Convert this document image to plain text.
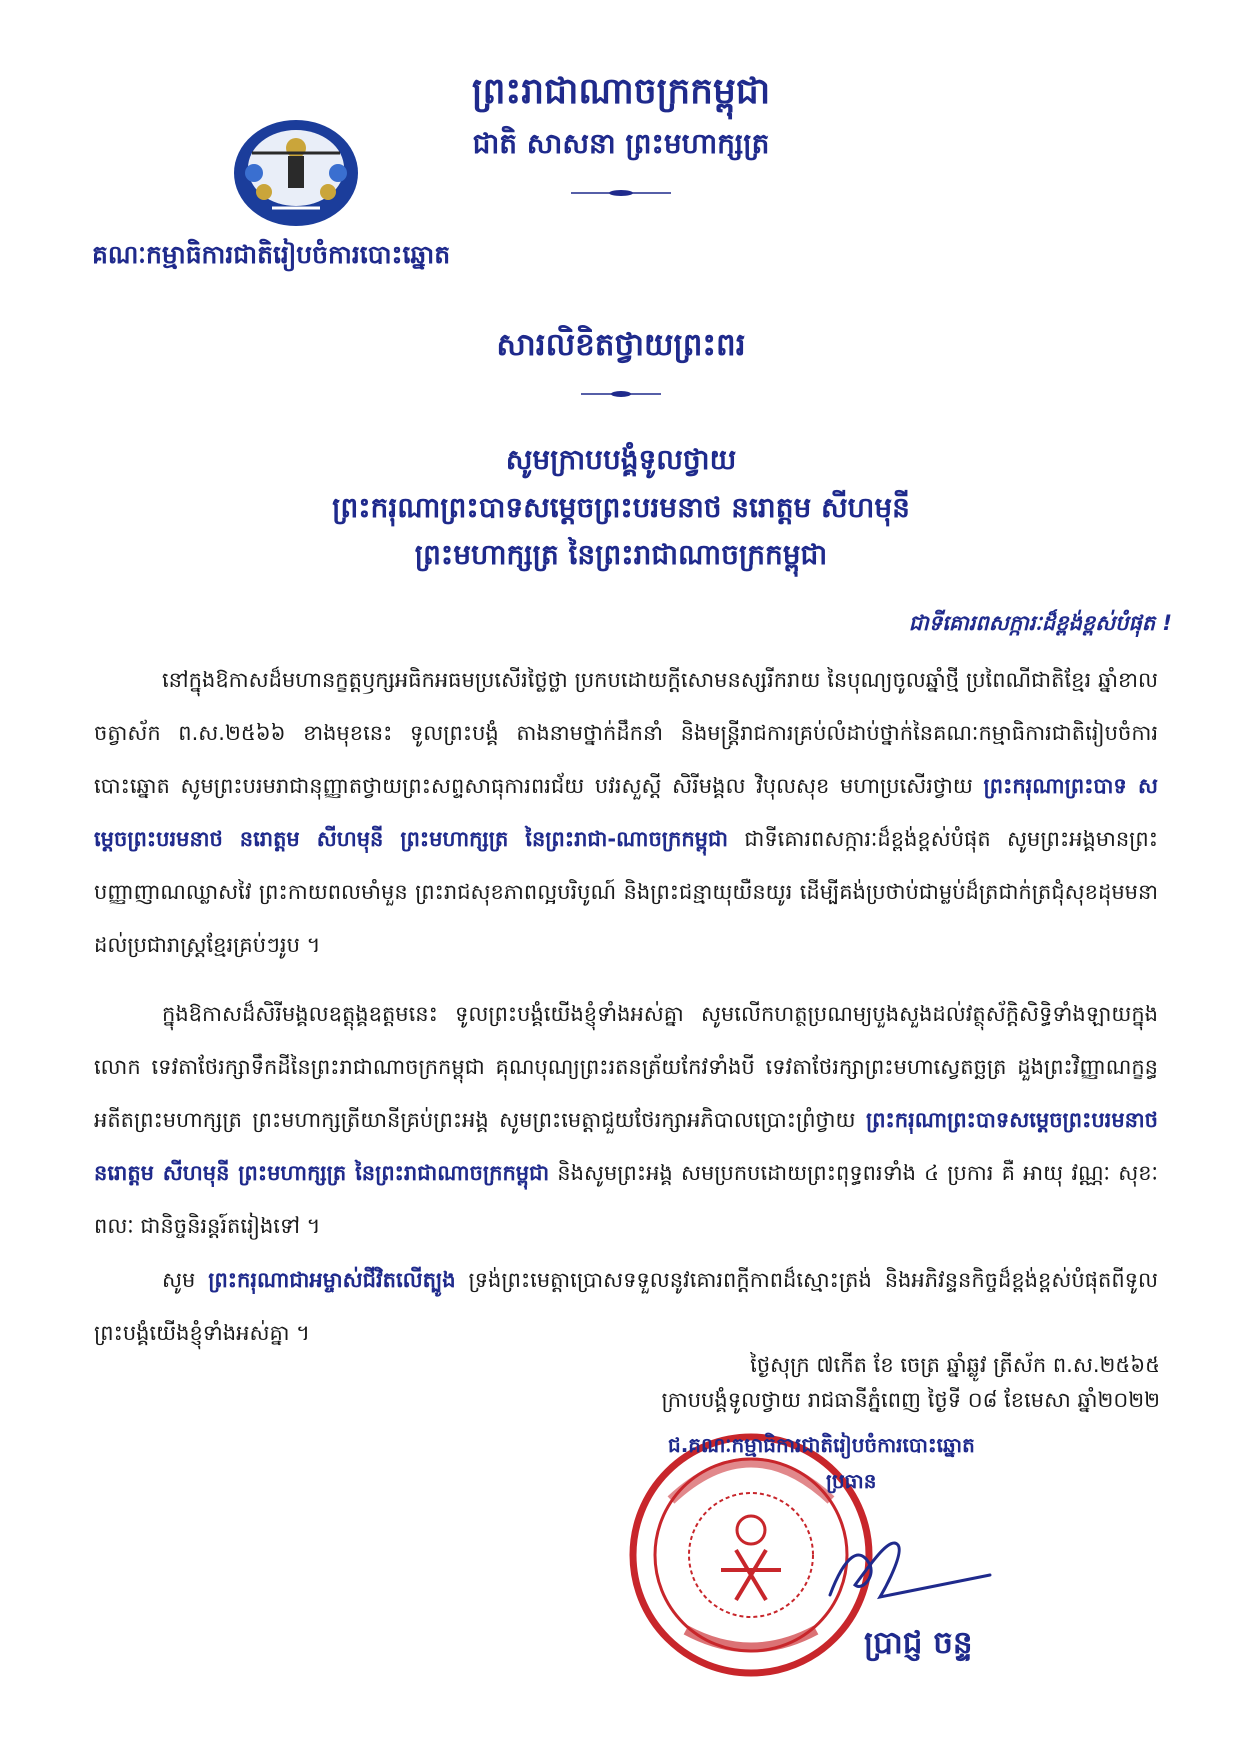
ព្រះរាជាណាចក្រកម្ពុជា
ជាតិ សាសនា ព្រះមហាក្សត្រ
គណៈកម្មាធិការជាតិរៀបចំការបោះឆ្នោត
សារលិខិតថ្វាយព្រះពរ
សូមក្រាបបង្គំទូលថ្វាយ
ព្រះករុណាព្រះបាទសម្តេចព្រះបរមនាថ នរោត្តម សីហមុនី
ព្រះមហាក្សត្រ នៃព្រះរាជាណាចក្រកម្ពុជា
ជាទីគោរពសក្ការៈដ៏ខ្ពង់ខ្ពស់បំផុត !

នៅក្នុងឱកាសដ៏មហានក្ខត្តឫក្សអធិកអធមប្រសើរថ្លៃថ្លា ប្រកបដោយក្តីសោមនស្សរីករាយ នៃបុណ្យចូលឆ្នាំថ្មី ប្រពៃណីជាតិខ្មែរ ឆ្នាំខាល ចត្វាស័ក ព.ស.២៥៦៦ ខាងមុខនេះ ទូលព្រះបង្គំ តាងនាមថ្នាក់ដឹកនាំ និងមន្ត្រីរាជការគ្រប់លំដាប់ថ្នាក់នៃគណៈកម្មាធិការជាតិរៀបចំការបោះឆ្នោត សូមព្រះបរមរាជានុញ្ញាតថ្វាយព្រះសព្ទសាធុការពរជ័យ បវរសួស្តី សិរីមង្គល វិបុលសុខ មហាប្រសើរថ្វាយ ព្រះករុណាព្រះបាទ សម្តេចព្រះបរមនាថ នរោត្តម សីហមុនី ព្រះមហាក្សត្រ នៃព្រះរាជា-ណាចក្រកម្ពុជា ជាទីគោរពសក្ការៈដ៏ខ្ពង់ខ្ពស់បំផុត សូមព្រះអង្គមានព្រះបញ្ញាញាណឈ្លាសវៃ ព្រះកាយពលមាំមួន ព្រះរាជសុខភាពល្អបរិបូណ៍ និងព្រះជន្មាយុយឺនយូរ ដើម្បីគង់ប្រថាប់ជាម្លប់ដ៏ត្រជាក់ត្រជុំសុខដុមមនាដល់ប្រជារាស្ត្រខ្មែរគ្រប់ៗរូប ។

ក្នុងឱកាសដ៏សិរីមង្គលឧត្តុង្គឧត្តមនេះ ទូលព្រះបង្គំយើងខ្ញុំទាំងអស់គ្នា សូមលើកហត្ថប្រណម្យបួងសួងដល់វត្ថុស័ក្តិសិទ្ធិទាំងឡាយក្នុងលោក ទេវតាថែរក្សាទឹកដីនៃព្រះរាជាណាចក្រកម្ពុជា គុណបុណ្យព្រះរតនត្រ័យកែវទាំងបី ទេវតាថែរក្សាព្រះមហាស្វេតច្ឆត្រ ដួងព្រះវិញ្ញាណក្ខន្ធអតីតព្រះមហាក្សត្រ ព្រះមហាក្សត្រីយានីគ្រប់ព្រះអង្គ សូមព្រះមេត្តាជួយថែរក្សាអភិបាលប្រោះព្រំថ្វាយ ព្រះករុណាព្រះបាទសម្តេចព្រះបរមនាថ នរោត្តម សីហមុនី ព្រះមហាក្សត្រ នៃព្រះរាជាណាចក្រកម្ពុជា និងសូមព្រះអង្គ សមប្រកបដោយព្រះពុទ្ធពរទាំង ៤ ប្រការ គឺ អាយុ វណ្ណៈ សុខៈ ពលៈ ជានិច្ចនិរន្តរ៍តរៀងទៅ ។

សូម ព្រះករុណាជាអម្ចាស់ជីវិតលើត្បូង ទ្រង់ព្រះមេត្តាប្រោសទទួលនូវគោរពក្តីកាពដ៏ស្មោះត្រង់ និងអភិវន្ទនកិច្ចដ៏ខ្ពង់ខ្ពស់បំផុតពីទូលព្រះបង្គំយើងខ្ញុំទាំងអស់គ្នា ។

ថ្ងៃសុក្រ ៧កើត ខែ ចេត្រ ឆ្នាំឆ្លូវ ត្រីស័ក ព.ស.២៥៦៥
ក្រាបបង្គំទូលថ្វាយ រាជធានីភ្នំពេញ ថ្ងៃទី ០៨ ខែមេសា ឆ្នាំ២០២២
ជ.គណៈកម្មាធិការជាតិរៀបចំការបោះឆ្នោត
ប្រធាន
ប្រាជ្ញ ចន្ទ
